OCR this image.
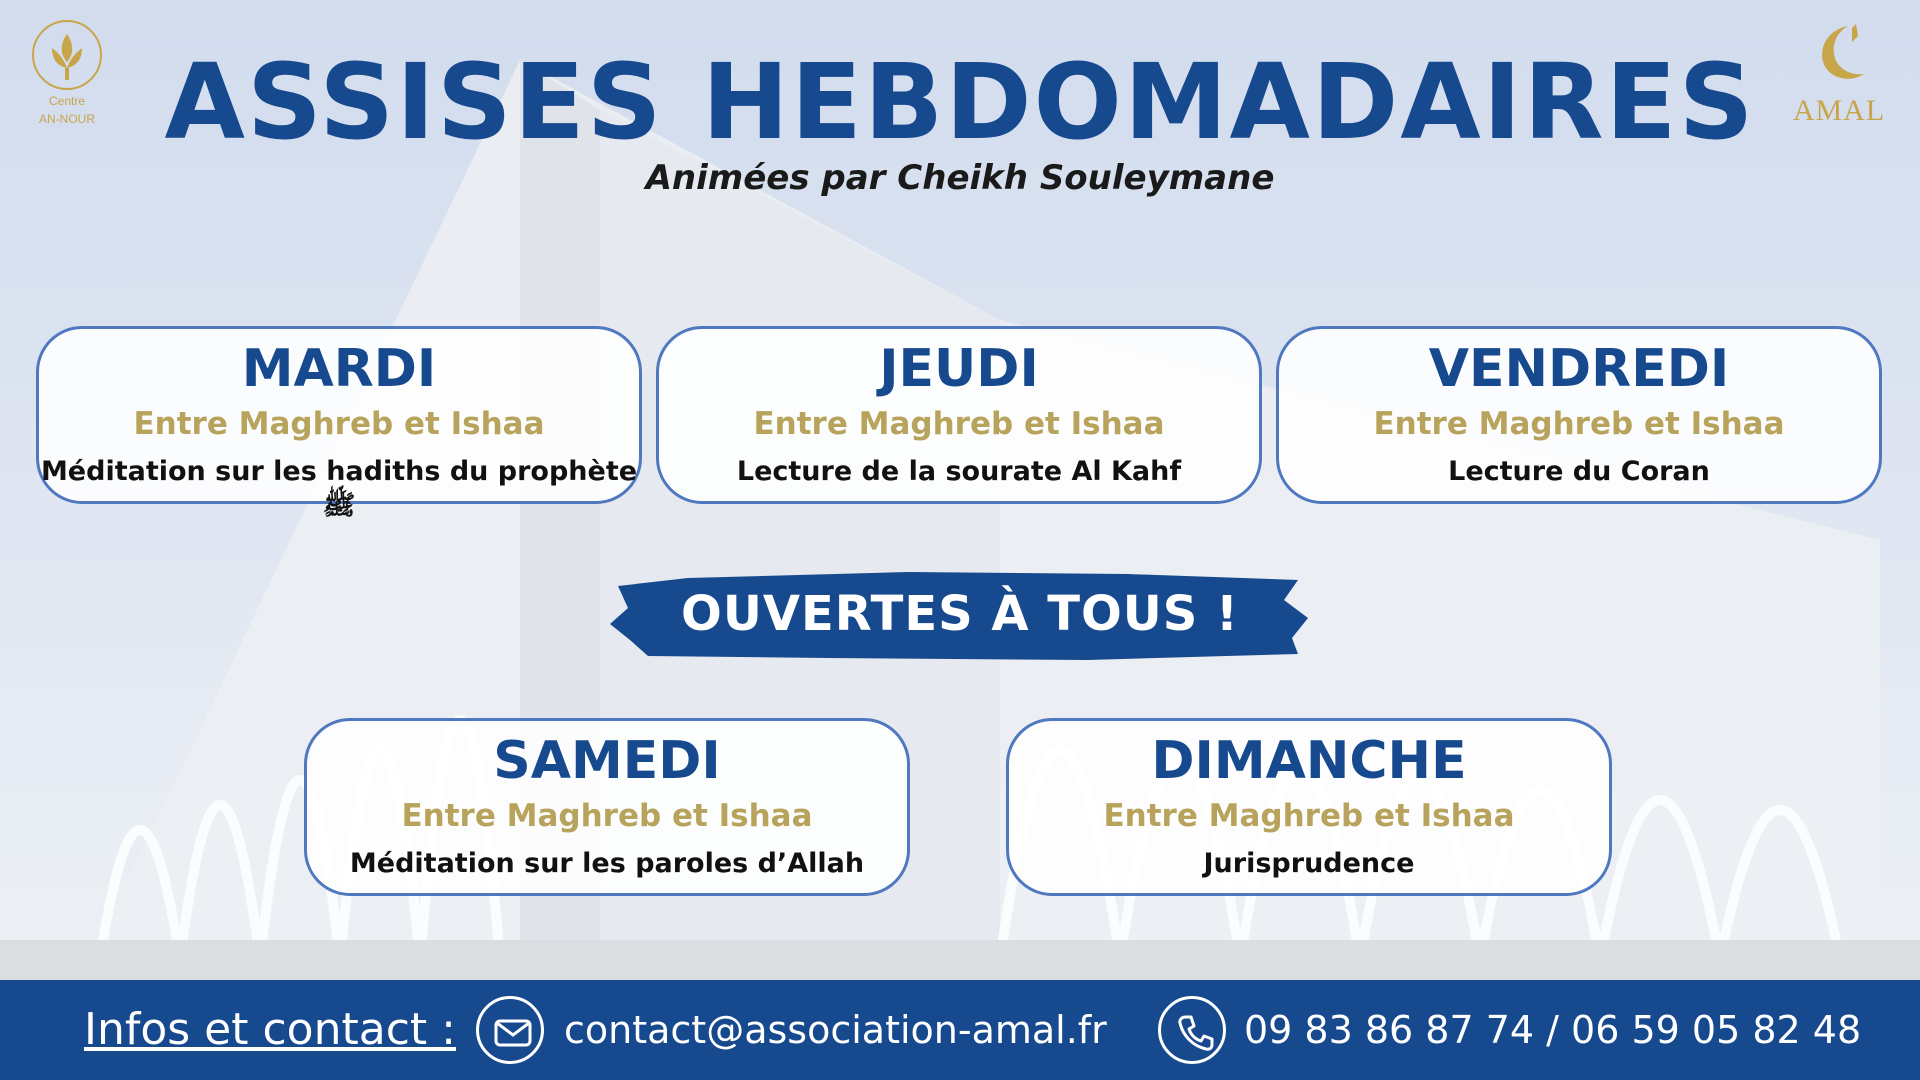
Centre
AN-NOUR	AMAL
ASSISES HEBDOMADAIRES
Animées par Cheikh Souleymane
MARDI
Entre Maghreb et Ishaa
Méditation sur les hadiths du prophète ﷺ
JEUDI
Entre Maghreb et Ishaa
Lecture de la sourate Al Kahf
VENDREDI
Entre Maghreb et Ishaa
Lecture du Coran
OUVERTES À TOUS !
SAMEDI
Entre Maghreb et Ishaa
Méditation sur les paroles d’Allah
DIMANCHE
Entre Maghreb et Ishaa
Jurisprudence
Infos et contact :	contact@association-amal.fr	09 83 86 87 74 / 06 59 05 82 48
